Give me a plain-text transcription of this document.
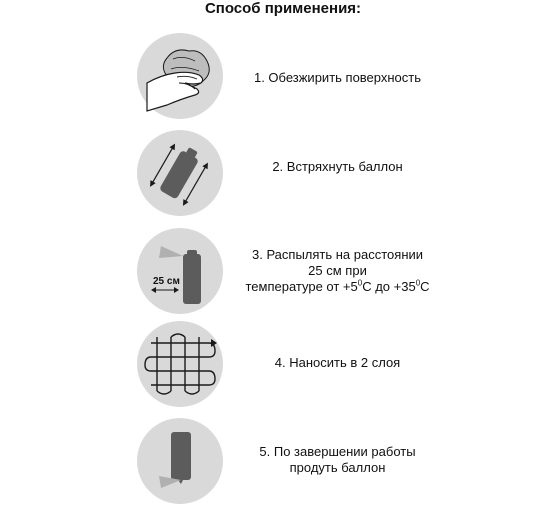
Способ применения:
1. Обезжирить поверхность
2. Встряхнуть баллон
25 см
3. Распылять на расстоянии
25 см при
температуре от $+5^0C$ до $+35^0C$
4. Наносить в 2 слоя
5. По завершении работы
продуть баллон
